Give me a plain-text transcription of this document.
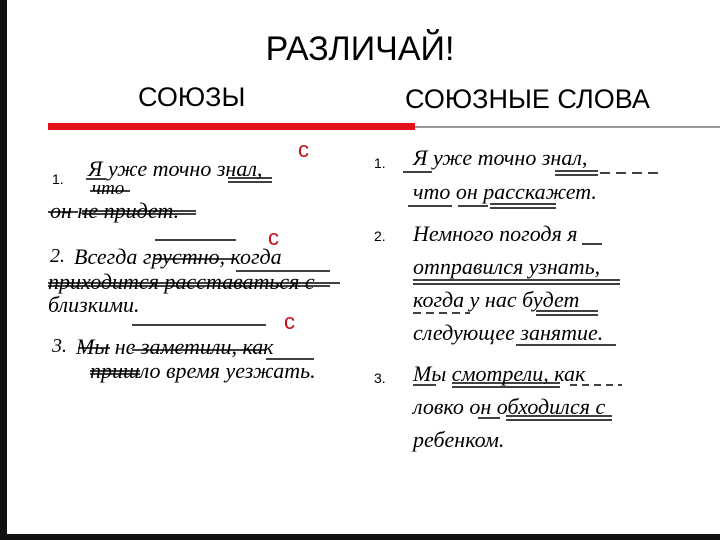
РАЗЛИЧАЙ!
СОЮЗЫ	СОЮЗНЫЕ СЛОВА
1. Я уже точно знал,
что
он не придет.
с
с
2. Всегда грустно, когда
приходится расставаться с
близкими.
с
3. Мы не заметили, как
пришло время уезжать.
1. Я уже точно знал,
что он расскажет.
2. Немного погодя я
отправился узнать,
когда у нас будет
следующее занятие.
3. Мы смотрели, как
ловко он обходился с
ребенком.
